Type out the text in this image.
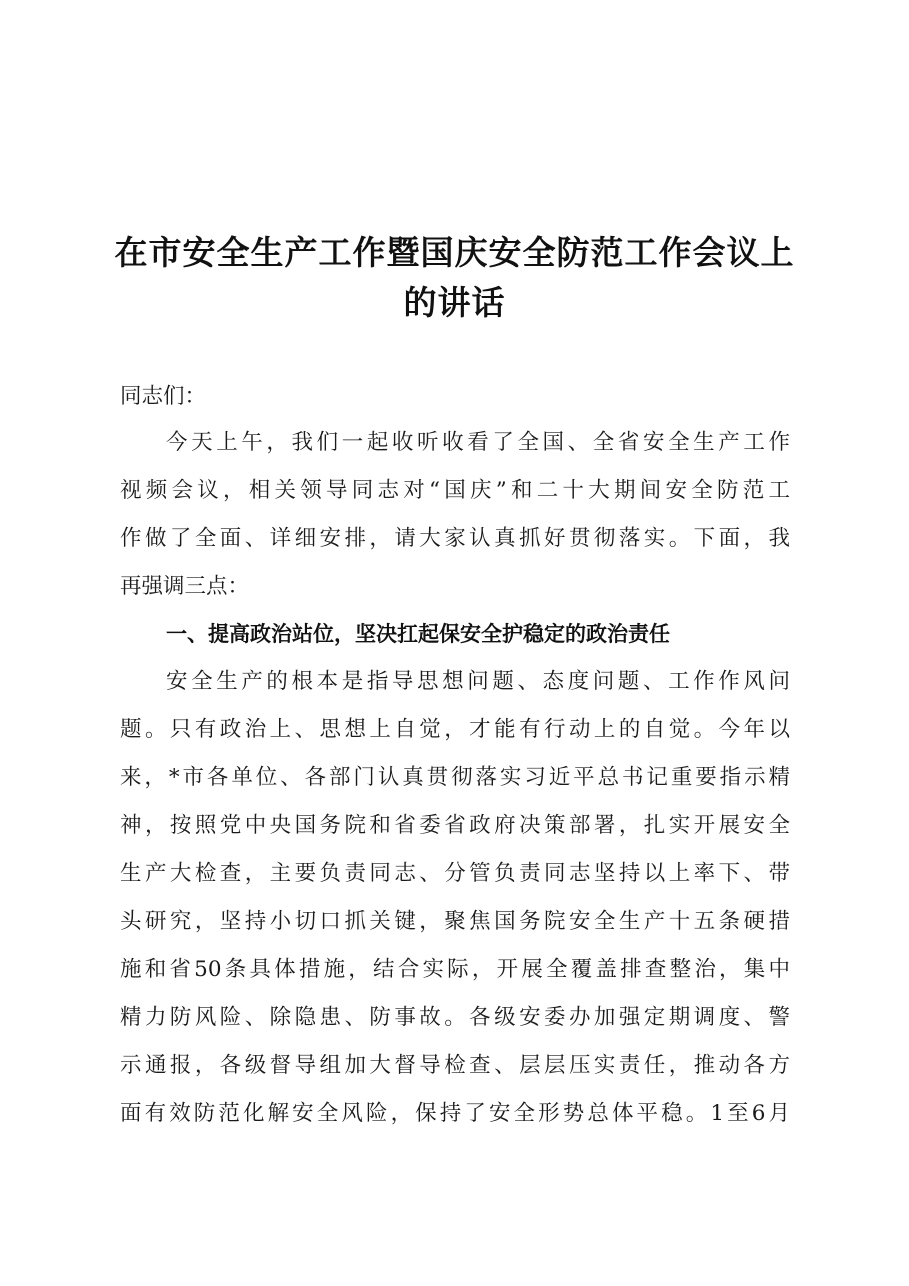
在市安全生产工作暨国庆安全防范工作会议上
的讲话
同志们：
今天上午，我们一起收听收看了全国、全省安全生产工作
视频会议，相关领导同志对“国庆”和二十大期间安全防范工
作做了全面、详细安排，请大家认真抓好贯彻落实。下面，我
再强调三点：
一、提高政治站位，坚决扛起保安全护稳定的政治责任
安全生产的根本是指导思想问题、态度问题、工作作风问
题。只有政治上、思想上自觉，才能有行动上的自觉。今年以
来，*市各单位、各部门认真贯彻落实习近平总书记重要指示精
神，按照党中央国务院和省委省政府决策部署，扎实开展安全
生产大检查，主要负责同志、分管负责同志坚持以上率下、带
头研究，坚持小切口抓关键，聚焦国务院安全生产十五条硬措
施和省50条具体措施，结合实际，开展全覆盖排查整治，集中
精力防风险、除隐患、防事故。各级安委办加强定期调度、警
示通报，各级督导组加大督导检查、层层压实责任，推动各方
面有效防范化解安全风险，保持了安全形势总体平稳。1至6月
